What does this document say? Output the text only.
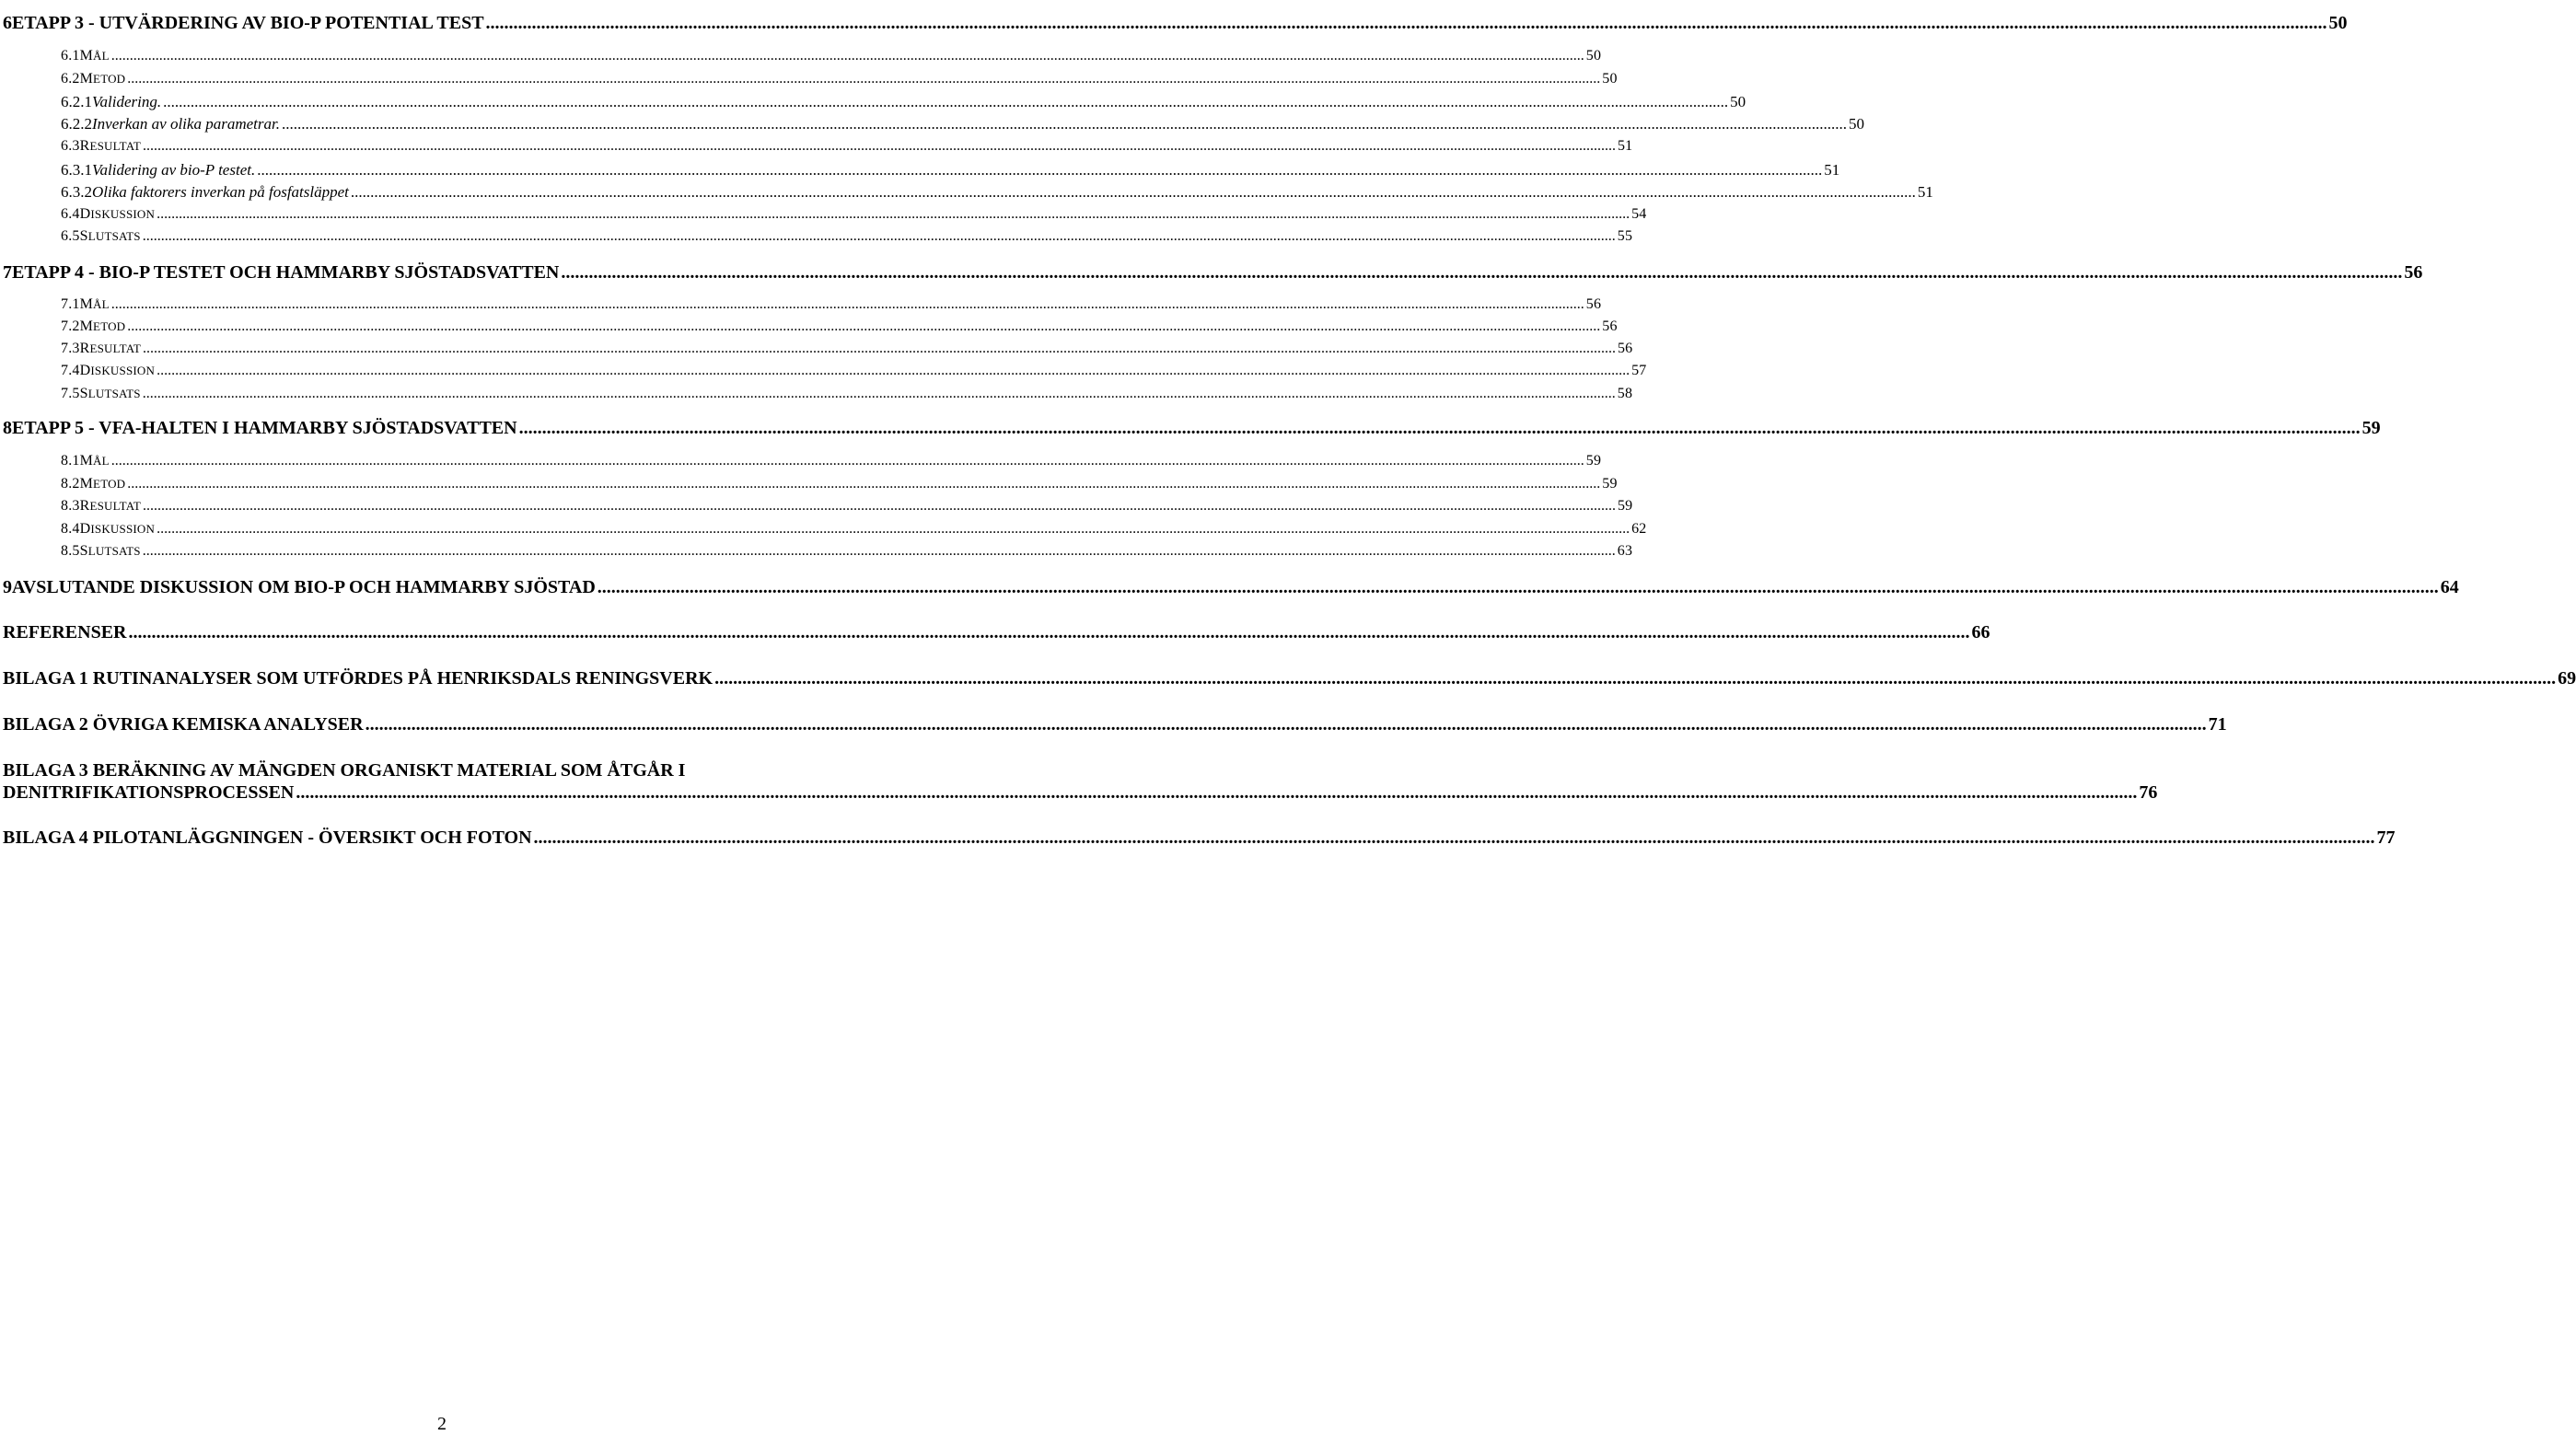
6 ETAPP 3 - UTVÄRDERING AV BIO-P POTENTIAL TEST ................................................................................................................................................................................................................................................................................................................................................................................................................ 50
6.1 MÅL ................................................................................................................................................................................................................................................................................................................................................................................................................ 50
6.2 METOD ................................................................................................................................................................................................................................................................................................................................................................................................................ 50
6.2.1 Validering. ................................................................................................................................................................................................................................................................................................................................................................................................................ 50
6.2.2 Inverkan av olika parametrar. ................................................................................................................................................................................................................................................................................................................................................................................................................ 50
6.3 RESULTAT ................................................................................................................................................................................................................................................................................................................................................................................................................ 51
6.3.1 Validering av bio-P testet. ................................................................................................................................................................................................................................................................................................................................................................................................................ 51
6.3.2 Olika faktorers inverkan på fosfatsläppet ................................................................................................................................................................................................................................................................................................................................................................................................................ 51
6.4 DISKUSSION ................................................................................................................................................................................................................................................................................................................................................................................................................ 54
6.5 SLUTSATS ................................................................................................................................................................................................................................................................................................................................................................................................................ 55
7 ETAPP 4 - BIO-P TESTET OCH HAMMARBY SJÖSTADSVATTEN ................................................................................................................................................................................................................................................................................................................................................................................................................ 56
7.1 MÅL ................................................................................................................................................................................................................................................................................................................................................................................................................ 56
7.2 METOD ................................................................................................................................................................................................................................................................................................................................................................................................................ 56
7.3 RESULTAT ................................................................................................................................................................................................................................................................................................................................................................................................................ 56
7.4 DISKUSSION ................................................................................................................................................................................................................................................................................................................................................................................................................ 57
7.5 SLUTSATS ................................................................................................................................................................................................................................................................................................................................................................................................................ 58
8 ETAPP 5 - VFA-HALTEN I HAMMARBY SJÖSTADSVATTEN ................................................................................................................................................................................................................................................................................................................................................................................................................ 59
8.1 MÅL ................................................................................................................................................................................................................................................................................................................................................................................................................ 59
8.2 METOD ................................................................................................................................................................................................................................................................................................................................................................................................................ 59
8.3 RESULTAT ................................................................................................................................................................................................................................................................................................................................................................................................................ 59
8.4 DISKUSSION ................................................................................................................................................................................................................................................................................................................................................................................................................ 62
8.5 SLUTSATS ................................................................................................................................................................................................................................................................................................................................................................................................................ 63
9 AVSLUTANDE DISKUSSION OM BIO-P OCH HAMMARBY SJÖSTAD ................................................................................................................................................................................................................................................................................................................................................................................................................ 64
REFERENSER ................................................................................................................................................................................................................................................................................................................................................................................................................ 66
BILAGA 1 RUTINANALYSER SOM UTFÖRDES PÅ HENRIKSDALS RENINGSVERK ................................................................................................................................................................................................................................................................................................................................................................................................................ 69
BILAGA 2 ÖVRIGA KEMISKA ANALYSER ................................................................................................................................................................................................................................................................................................................................................................................................................ 71
BILAGA 3 BERÄKNING AV MÄNGDEN ORGANISKT MATERIAL SOM ÅTGÅR I
DENITRIFIKATIONSPROCESSEN ................................................................................................................................................................................................................................................................................................................................................................................................................ 76
BILAGA 4 PILOTANLÄGGNINGEN - ÖVERSIKT OCH FOTON ................................................................................................................................................................................................................................................................................................................................................................................................................ 77
2
